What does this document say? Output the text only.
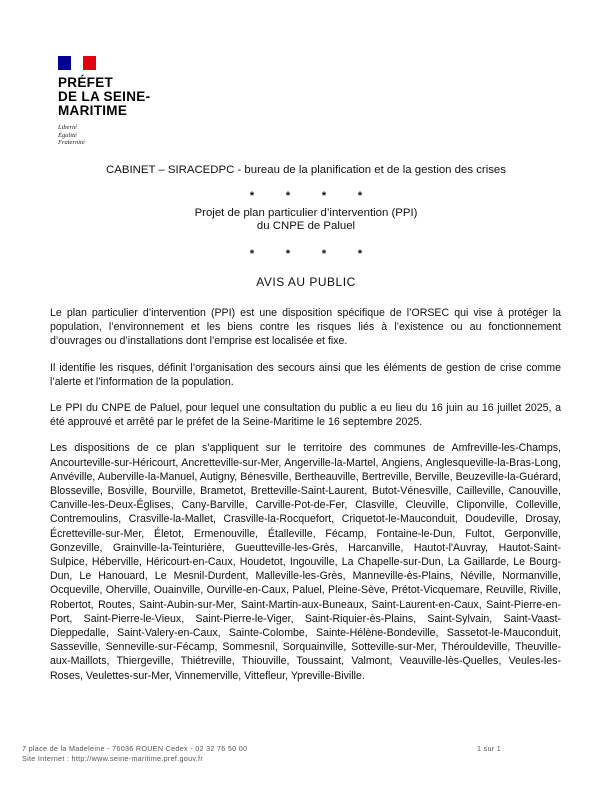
PRÉFET
DE LA SEINE-
MARITIME
Liberté
Égalité
Fraternité
CABINET – SIRACEDPC - bureau de la planification et de la gestion des crises
*	*	*	*
Projet de plan particulier d’intervention (PPI)
du CNPE de Paluel
*	*	*	*
AVIS AU PUBLIC

Le plan particulier d’intervention (PPI) est une disposition spécifique de l’ORSEC qui vise à protéger la population, l’environnement et les biens contre les risques liés à l’existence ou au fonctionnement d’ouvrages ou d’installations dont l’emprise est localisée et fixe.

Il identifie les risques, définit l’organisation des secours ainsi que les éléments de gestion de crise comme l’alerte et l’information de la population.

Le PPI du CNPE de Paluel, pour lequel une consultation du public a eu lieu du 16 juin au 16 juillet 2025, a été approuvé et arrêté par le préfet de la Seine-Maritime le 16 septembre 2025.

Les dispositions de ce plan s’appliquent sur le territoire des communes de Amfreville-les-Champs, Ancourteville-sur-Héricourt, Ancretteville-sur-Mer, Angerville-la-Martel, Angiens, Anglesqueville-la-Bras-Long, Anvéville, Auberville-la-Manuel, Autigny, Bénesville, Bertheauville, Bertreville, Berville, Beuzeville-la-Guérard, Blosseville, Bosville, Bourville, Brametot, Bretteville-Saint-Laurent, Butot-Vénesville, Cailleville, Canouville, Canville-les-Deux-Églises, Cany-Barville, Carville-Pot-de-Fer, Clasville, Cleuville, Cliponville, Colleville, Contremoulins, Crasville-la-Mallet, Crasville-la-Rocquefort, Criquetot-le-Mauconduit, Doudeville, Drosay, Écretteville-sur-Mer, Életot, Ermenouville, Étalleville, Fécamp, Fontaine-le-Dun, Fultot, Gerponville, Gonzeville, Grainville-la-Teinturière, Gueutteville-les-Grès, Harcanville, Hautot-l'Auvray, Hautot-Saint-Sulpice, Héberville, Héricourt-en-Caux, Houdetot, Ingouville, La Chapelle-sur-Dun, La Gaillarde, Le Bourg-Dun, Le Hanouard, Le Mesnil-Durdent, Malleville-les-Grès, Manneville-ès-Plains, Néville, Normanville, Ocqueville, Oherville, Ouainville, Ourville-en-Caux, Paluel, Pleine-Sève, Prétot-Vicquemare, Reuville, Riville, Robertot, Routes, Saint-Aubin-sur-Mer, Saint-Martin-aux-Buneaux, Saint-Laurent-en-Caux, Saint-Pierre-en-Port, Saint-Pierre-le-Vieux, Saint-Pierre-le-Viger, Saint-Riquier-ès-Plains, Saint-Sylvain, Saint-Vaast-Dieppedalle, Saint-Valery-en-Caux, Sainte-Colombe, Sainte-Hélène-Bondeville, Sassetot-le-Mauconduit, Sasseville, Senneville-sur-Fécamp, Sommesnil, Sorquainville, Sotteville-sur-Mer, Thérouldeville, Theuville-aux-Maillots, Thiergeville, Thiétreville, Thiouville, Toussaint, Valmont, Veauville-lès-Quelles, Veules-les-Roses, Veulettes-sur-Mer, Vinnemerville, Vittefleur, Ypreville-Biville.

7 place de la Madeleine - 76036 ROUEN Cedex - 02 32 76 50 00
Site Internet : http://www.seine-maritime.pref.gouv.fr
1 sur 1
